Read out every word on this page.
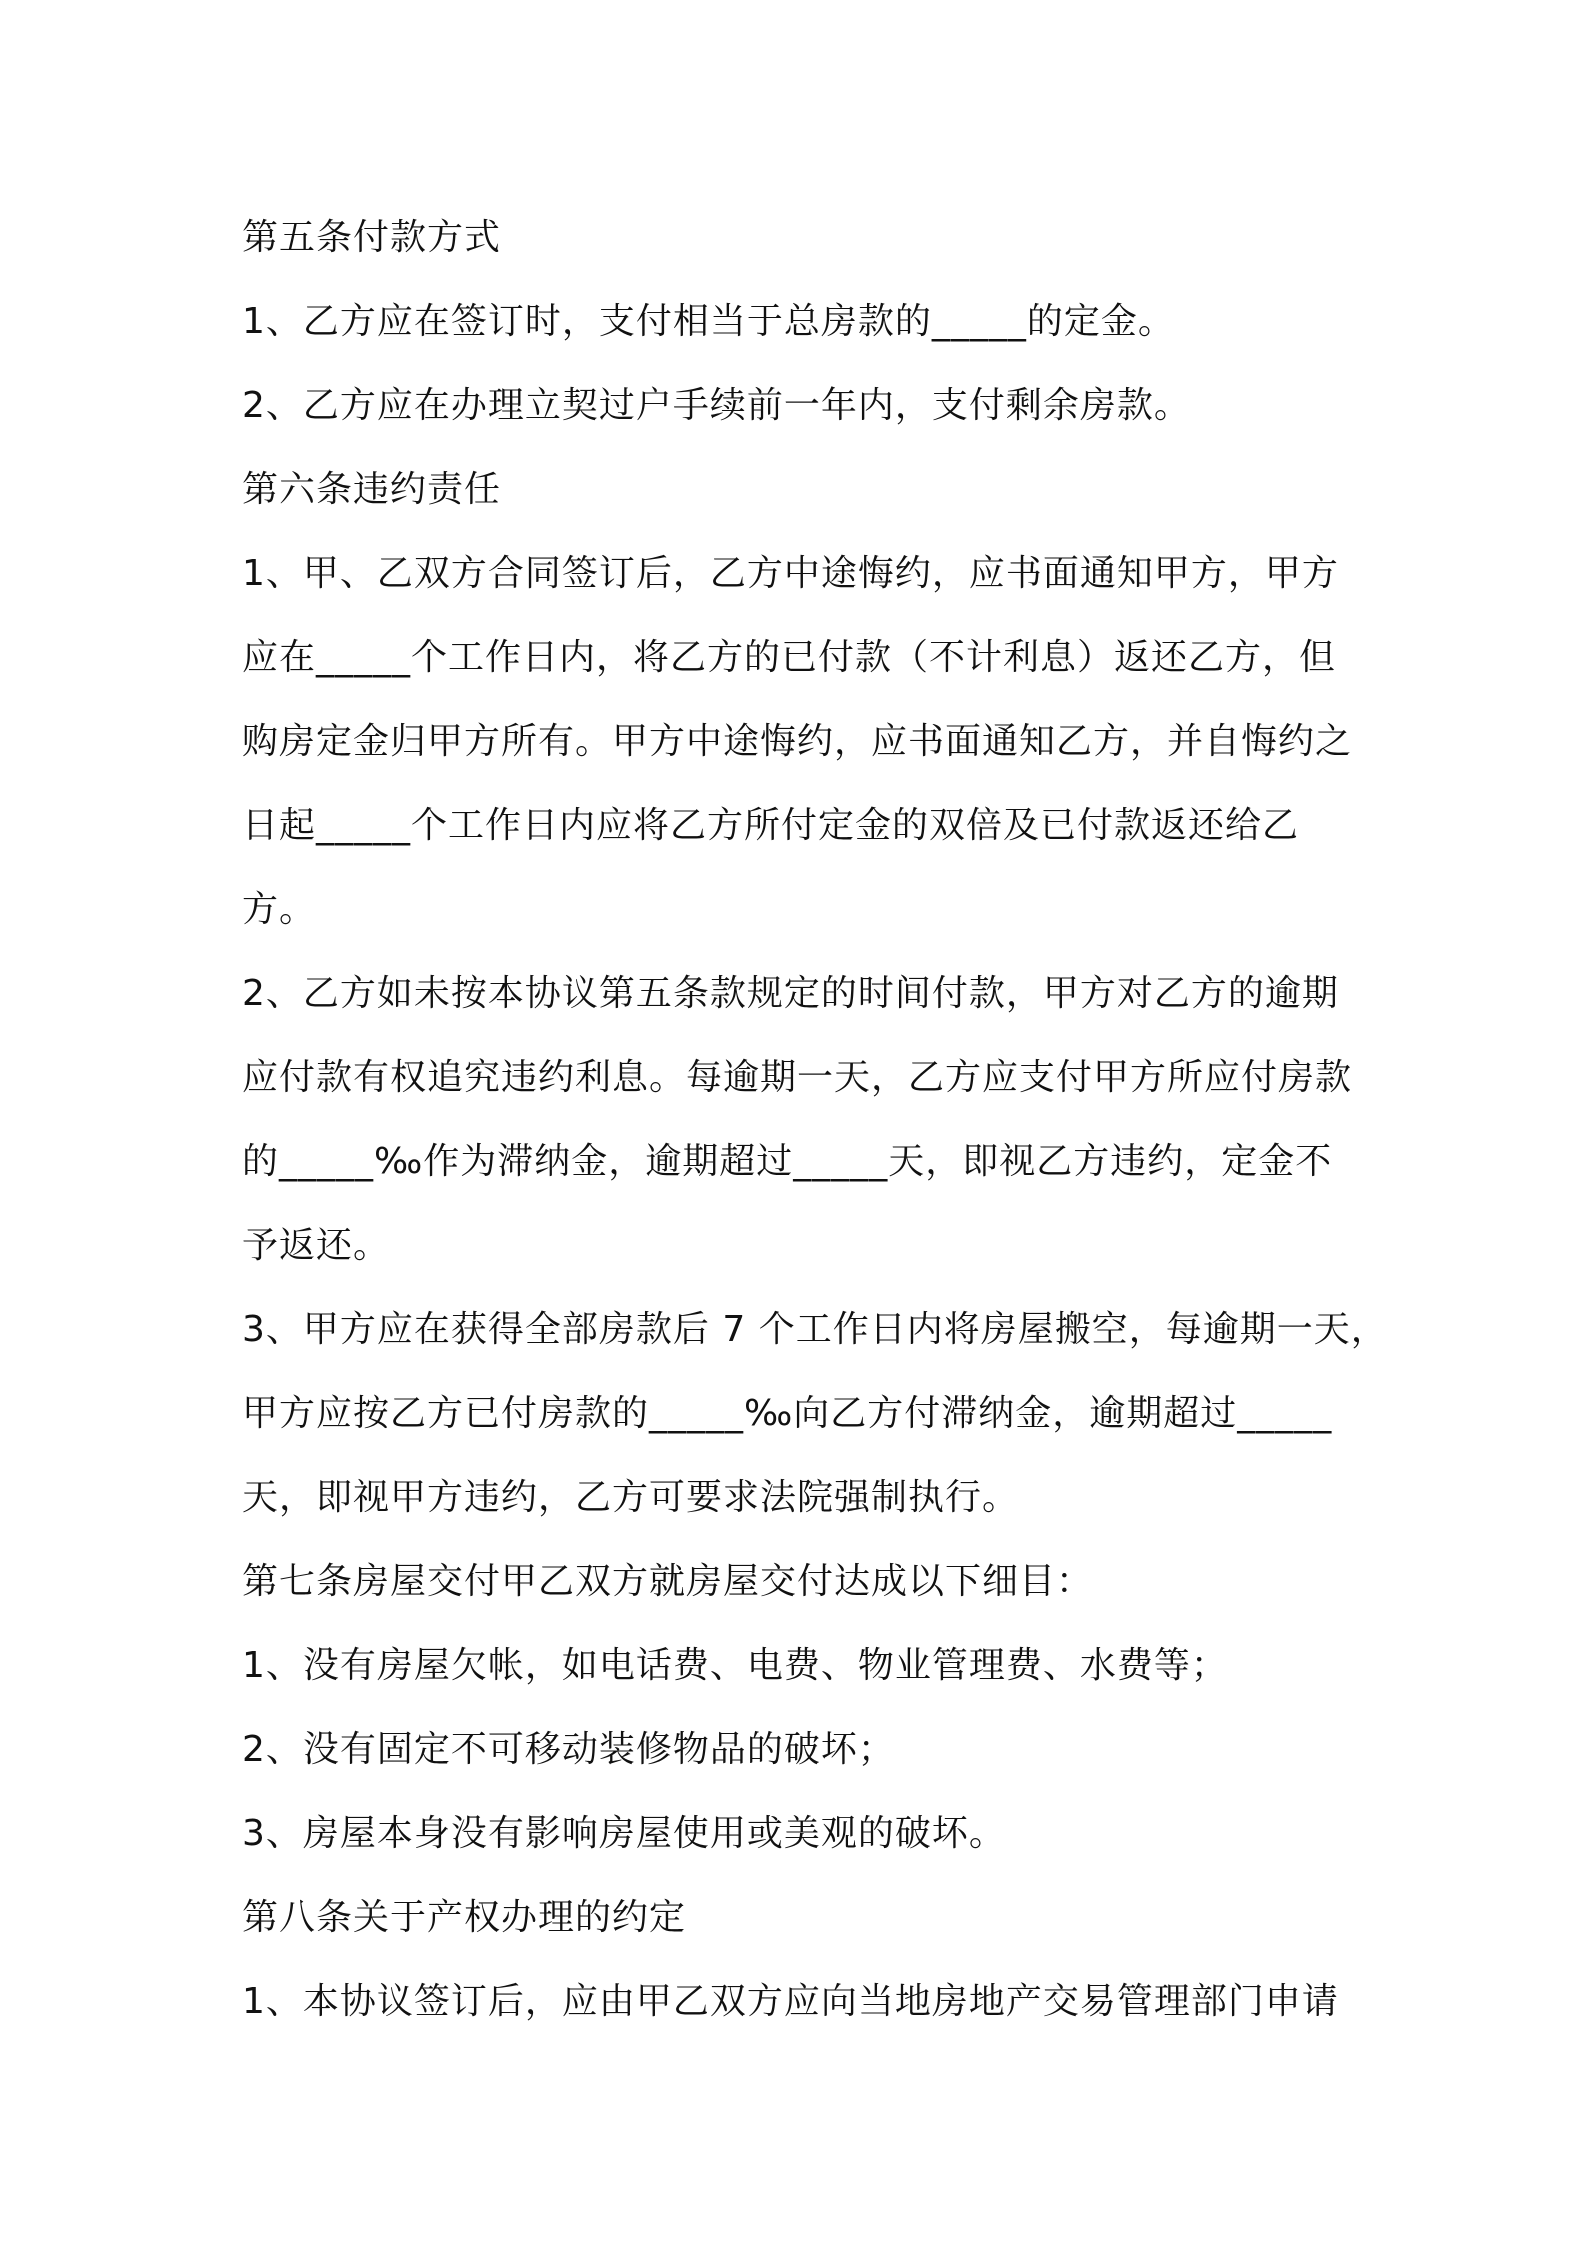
第五条付款方式
1、乙方应在签订时，支付相当于总房款的_____的定金。
2、乙方应在办理立契过户手续前一年内，支付剩余房款。
第六条违约责任
1、甲、乙双方合同签订后，乙方中途悔约，应书面通知甲方，甲方
应在_____个工作日内，将乙方的已付款（不计利息）返还乙方，但
购房定金归甲方所有。甲方中途悔约，应书面通知乙方，并自悔约之
日起_____个工作日内应将乙方所付定金的双倍及已付款返还给乙
方。
2、乙方如未按本协议第五条款规定的时间付款，甲方对乙方的逾期
应付款有权追究违约利息。每逾期一天，乙方应支付甲方所应付房款
的_____‰作为滞纳金，逾期超过_____天，即视乙方违约，定金不
予返还。
3、甲方应在获得全部房款后 7 个工作日内将房屋搬空，每逾期一天，
甲方应按乙方已付房款的_____‰向乙方付滞纳金，逾期超过_____
天，即视甲方违约，乙方可要求法院强制执行。
第七条房屋交付甲乙双方就房屋交付达成以下细目：
1、没有房屋欠帐，如电话费、电费、物业管理费、水费等；
2、没有固定不可移动装修物品的破坏；
3、房屋本身没有影响房屋使用或美观的破坏。
第八条关于产权办理的约定
1、本协议签订后，应由甲乙双方应向当地房地产交易管理部门申请
